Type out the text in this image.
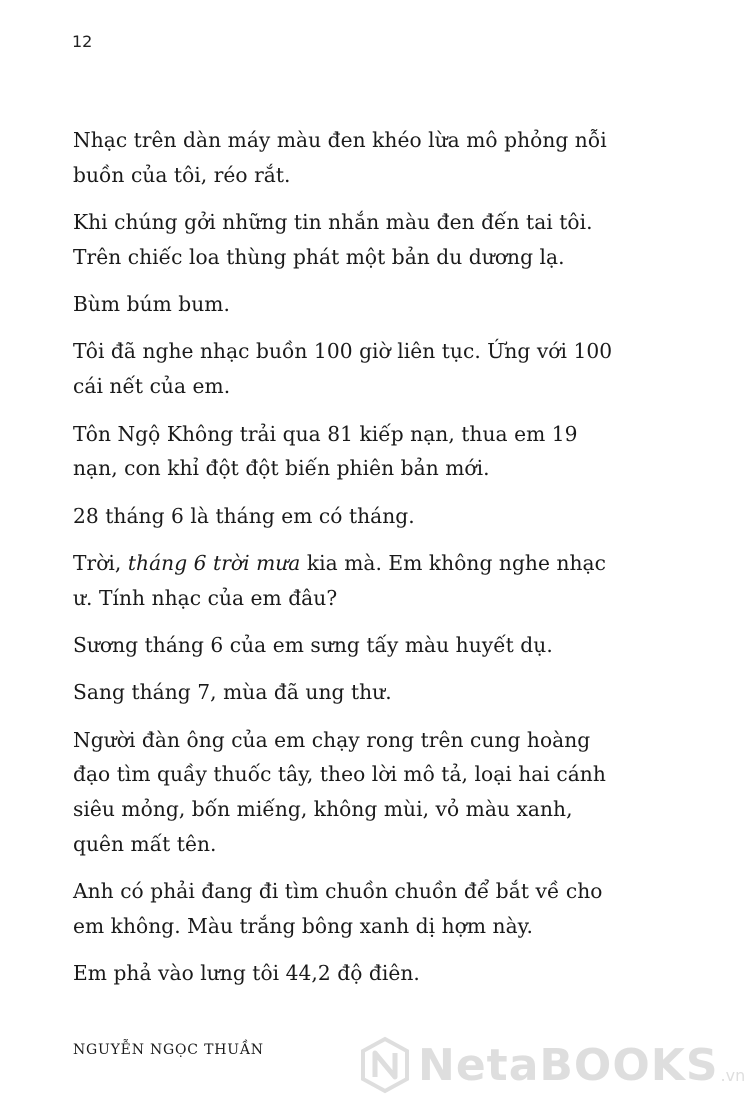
12

Nhạc trên dàn máy màu đen khéo lừa mô phỏng nỗi buồn của tôi, réo rắt.

Khi chúng gởi những tin nhắn màu đen đến tai tôi. Trên chiếc loa thùng phát một bản du dương lạ.

Bùm búm bum.

Tôi đã nghe nhạc buồn 100 giờ liên tục. Ứng với 100 cái nết của em.

Tôn Ngộ Không trải qua 81 kiếp nạn, thua em 19 nạn, con khỉ đột đột biến phiên bản mới.

28 tháng 6 là tháng em có tháng.

Trời, tháng 6 trời mưa kia mà. Em không nghe nhạc ư. Tính nhạc của em đâu?

Sương tháng 6 của em sưng tấy màu huyết dụ.

Sang tháng 7, mùa đã ung thư.

Người đàn ông của em chạy rong trên cung hoàng đạo tìm quầy thuốc tây, theo lời mô tả, loại hai cánh siêu mỏng, bốn miếng, không mùi, vỏ màu xanh, quên mất tên.

Anh có phải đang đi tìm chuồn chuồn để bắt về cho em không. Màu trắng bông xanh dị hợm này.

Em phả vào lưng tôi 44,2 độ điên.

NGUYỄN NGỌC THUẦN	NetaBOOKS .vn
